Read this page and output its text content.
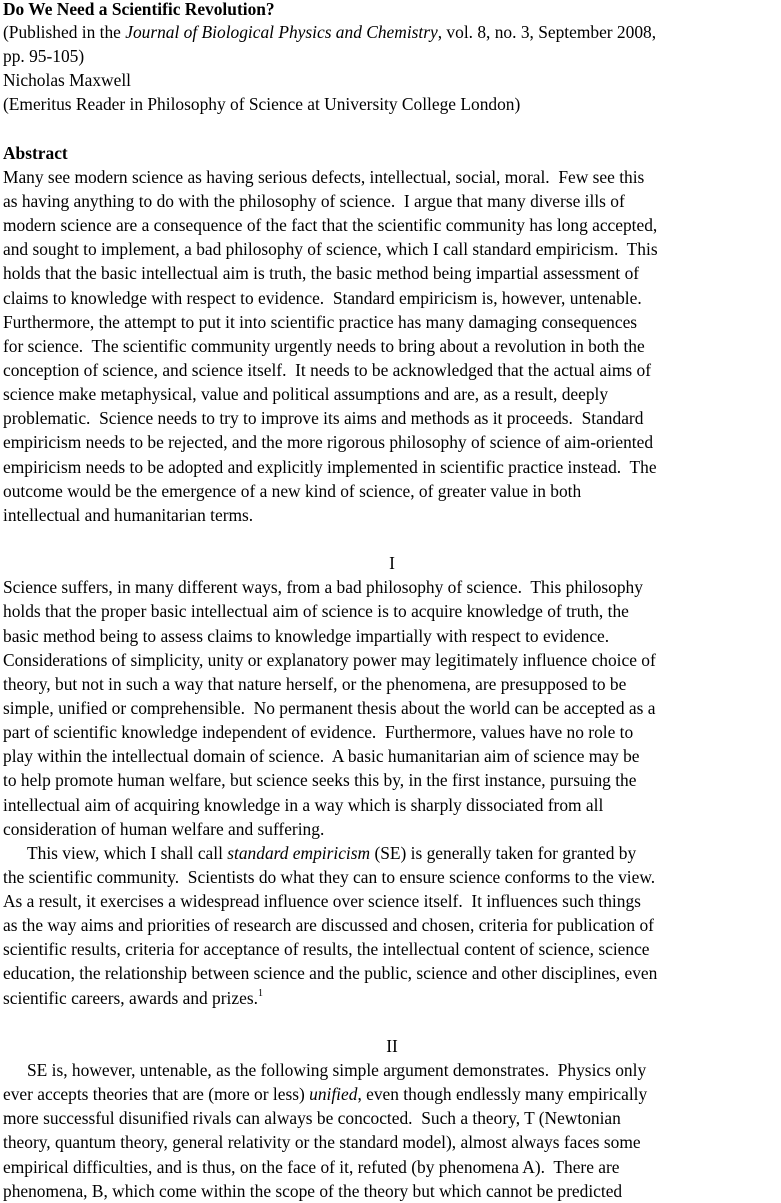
Do We Need a Scientific Revolution?
(Published in the Journal of Biological Physics and Chemistry, vol. 8, no. 3, September 2008,
pp. 95-105)
Nicholas Maxwell
(Emeritus Reader in Philosophy of Science at University College London)
Abstract
Many see modern science as having serious defects, intellectual, social, moral.  Few see this
as having anything to do with the philosophy of science.  I argue that many diverse ills of
modern science are a consequence of the fact that the scientific community has long accepted,
and sought to implement, a bad philosophy of science, which I call standard empiricism.  This
holds that the basic intellectual aim is truth, the basic method being impartial assessment of
claims to knowledge with respect to evidence.  Standard empiricism is, however, untenable.
Furthermore, the attempt to put it into scientific practice has many damaging consequences
for science.  The scientific community urgently needs to bring about a revolution in both the
conception of science, and science itself.  It needs to be acknowledged that the actual aims of
science make metaphysical, value and political assumptions and are, as a result, deeply
problematic.  Science needs to try to improve its aims and methods as it proceeds.  Standard
empiricism needs to be rejected, and the more rigorous philosophy of science of aim-oriented
empiricism needs to be adopted and explicitly implemented in scientific practice instead.  The
outcome would be the emergence of a new kind of science, of greater value in both
intellectual and humanitarian terms.
I
Science suffers, in many different ways, from a bad philosophy of science.  This philosophy
holds that the proper basic intellectual aim of science is to acquire knowledge of truth, the
basic method being to assess claims to knowledge impartially with respect to evidence.
Considerations of simplicity, unity or explanatory power may legitimately influence choice of
theory, but not in such a way that nature herself, or the phenomena, are presupposed to be
simple, unified or comprehensible.  No permanent thesis about the world can be accepted as a
part of scientific knowledge independent of evidence.  Furthermore, values have no role to
play within the intellectual domain of science.  A basic humanitarian aim of science may be
to help promote human welfare, but science seeks this by, in the first instance, pursuing the
intellectual aim of acquiring knowledge in a way which is sharply dissociated from all
consideration of human welfare and suffering.
This view, which I shall call standard empiricism (SE) is generally taken for granted by
the scientific community.  Scientists do what they can to ensure science conforms to the view.
As a result, it exercises a widespread influence over science itself.  It influences such things
as the way aims and priorities of research are discussed and chosen, criteria for publication of
scientific results, criteria for acceptance of results, the intellectual content of science, science
education, the relationship between science and the public, science and other disciplines, even
scientific careers, awards and prizes.$^1$
II
SE is, however, untenable, as the following simple argument demonstrates.  Physics only
ever accepts theories that are (more or less) unified, even though endlessly many empirically
more successful disunified rivals can always be concocted.  Such a theory, T (Newtonian
theory, quantum theory, general relativity or the standard model), almost always faces some
empirical difficulties, and is thus, on the face of it, refuted (by phenomena A).  There are
phenomena, B, which come within the scope of the theory but which cannot be predicted
